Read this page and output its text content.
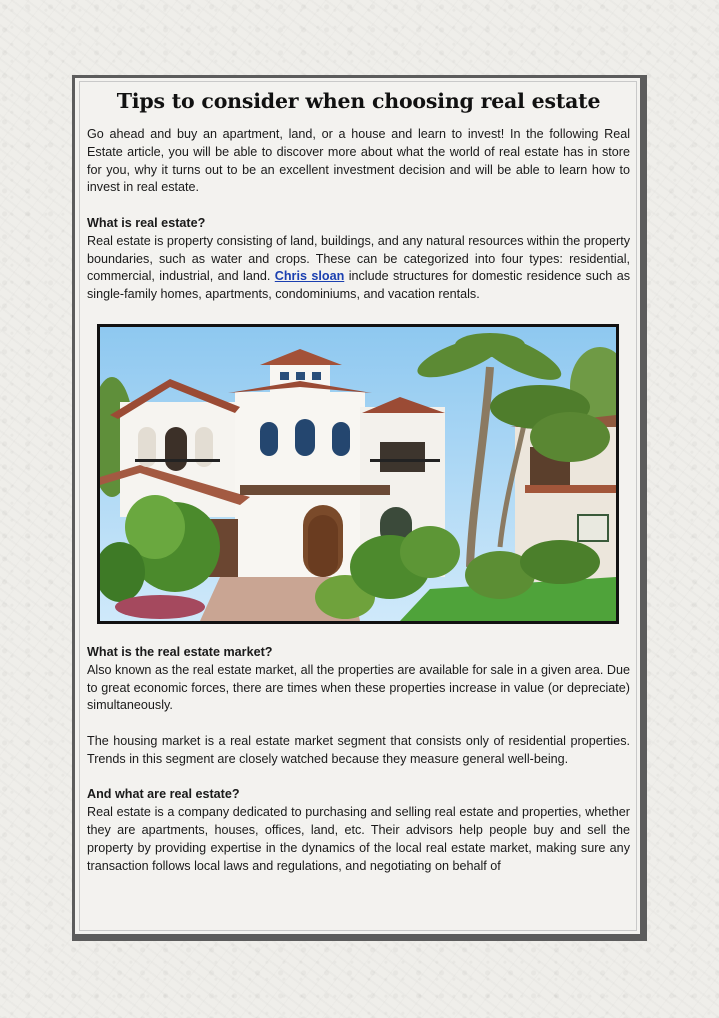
Tips to consider when choosing real estate

Go ahead and buy an apartment, land, or a house and learn to invest! In the following Real Estate article, you will be able to discover more about what the world of real estate has in store for you, why it turns out to be an excellent investment decision and will be able to learn how to invest in real estate.

What is real estate?
Real estate is property consisting of land, buildings, and any natural resources within the property boundaries, such as water and crops. These can be categorized into four types: residential, commercial, industrial, and land. Chris sloan include structures for domestic residence such as single-family homes, apartments, condominiums, and vacation rentals.

What is the real estate market?
Also known as the real estate market, all the properties are available for sale in a given area. Due to great economic forces, there are times when these properties increase in value (or depreciate) simultaneously.

The housing market is a real estate market segment that consists only of residential properties. Trends in this segment are closely watched because they measure general well-being.

And what are real estate?
Real estate is a company dedicated to purchasing and selling real estate and properties, whether they are apartments, houses, offices, land, etc. Their advisors help people buy and sell the property by providing expertise in the dynamics of the local real estate market, making sure any transaction follows local laws and regulations, and negotiating on behalf of
